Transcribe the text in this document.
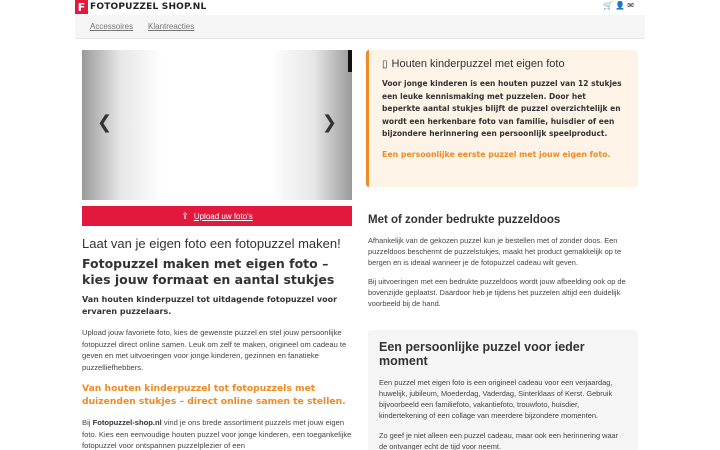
F FOTOPUZZEL SHOP.NL	🛒 👤 ✉
Accessoires Klantreacties
❮	❯
⇪ Upload uw foto's
Laat van je eigen foto een fotopuzzel maken!
Fotopuzzel maken met eigen foto – kies jouw formaat en aantal stukjes

Van houten kinderpuzzel tot uitdagende fotopuzzel voor ervaren puzzelaars.

Upload jouw favoriete foto, kies de gewenste puzzel en stel jouw persoonlijke fotopuzzel direct online samen. Leuk om zelf te maken, origineel om cadeau te geven en met uitvoeringen voor jonge kinderen, gezinnen en fanatieke puzzelliefhebbers.

Van houten kinderpuzzel tot fotopuzzels met duizenden stukjes – direct online samen te stellen.

Bij Fotopuzzel-shop.nl vind je ons brede assortiment puzzels met jouw eigen foto. Kies een eenvoudige houten puzzel voor jonge kinderen, een toegankelijke fotopuzzel voor ontspannen puzzelplezier of een

▯ Houten kinderpuzzel met eigen foto

Voor jonge kinderen is een houten puzzel van 12 stukjes een leuke kennismaking met puzzelen. Door het beperkte aantal stukjes blijft de puzzel overzichtelijk en wordt een herkenbare foto van familie, huisdier of een bijzondere herinnering een persoonlijk speelproduct.

Een persoonlijke eerste puzzel met jouw eigen foto.

Met of zonder bedrukte puzzeldoos

Afhankelijk van de gekozen puzzel kun je bestellen met of zonder doos. Een puzzeldoos beschermt de puzzelstukjes, maakt het product gemakkelijk op te bergen en is ideaal wanneer je de fotopuzzel cadeau wilt geven.

Bij uitvoeringen met een bedrukte puzzeldoos wordt jouw afbeelding ook op de bovenzijde geplaatst. Daardoor heb je tijdens het puzzelen altijd een duidelijk voorbeeld bij de hand.

Een persoonlijke puzzel voor ieder moment

Een puzzel met eigen foto is een origineel cadeau voor een verjaardag, huwelijk, jubileum, Moederdag, Vaderdag, Sinterklaas of Kerst. Gebruik bijvoorbeeld een familiefoto, vakantiefoto, trouwfoto, huisdier, kindertekening of een collage van meerdere bijzondere momenten.

Zo geef je niet alleen een puzzel cadeau, maar ook een herinnering waar de ontvanger echt de tijd voor neemt.
